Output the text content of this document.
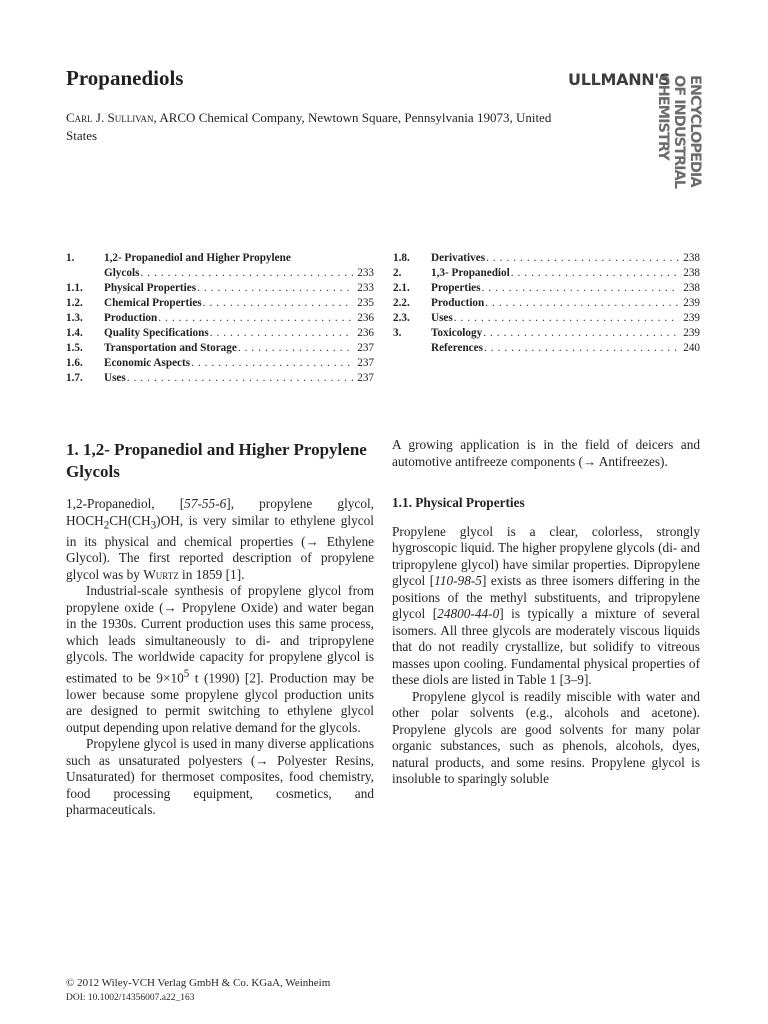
Propanediols
Carl J. Sullivan, ARCO Chemical Company, Newtown Square, Pennsylvania 19073, United States
ULLMANN'S ENCYCLOPEDIA
OF INDUSTRIAL
CHEMISTRY
1.	1,2- Propanediol and Higher Propylene
Glycols . . .	233
1.1.	Physical Properties . . .	233
1.2.	Chemical Properties . . .	235
1.3.	Production . . .	236
1.4.	Quality Specifications . . .	236
1.5.	Transportation and Storage . . .	237
1.6.	Economic Aspects . . .	237
1.7.	Uses . . .	237
1.8.	Derivatives . . .	238
2.	1,3- Propanediol . . .	238
2.1.	Properties . . .	238
2.2.	Production . . .	239
2.3.	Uses . . .	239
3.	Toxicology . . .	239
References . . .	240
1. 1,2- Propanediol and Higher Propylene Glycols

1,2-Propanediol, [57-55-6], propylene glycol, $HOCH_2CH(CH_3)OH$, is very similar to ethylene glycol in its physical and chemical properties (→ Ethylene Glycol). The first reported description of propylene glycol was by Wurtz in 1859 [1].

Industrial-scale synthesis of propylene glycol from propylene oxide (→ Propylene Oxide) and water began in the 1930s. Current production uses this same process, which leads simultaneously to di- and tripropylene glycols. The worldwide capacity for propylene glycol is estimated to be $9\times 10^5$ t (1990) [2]. Production may be lower because some propylene glycol production units are designed to permit switching to ethylene glycol output depending upon relative demand for the glycols.

Propylene glycol is used in many diverse applications such as unsaturated polyesters (→ Polyester Resins, Unsaturated) for thermoset composites, food chemistry, food processing equipment, cosmetics, and pharmaceuticals.

A growing application is in the field of deicers and automotive antifreeze components (→ Antifreezes).

1.1. Physical Properties

Propylene glycol is a clear, colorless, strongly hygroscopic liquid. The higher propylene glycols (di- and tripropylene glycol) have similar properties. Dipropylene glycol [110-98-5] exists as three isomers differing in the positions of the methyl substituents, and tripropylene glycol [24800-44-0] is typically a mixture of several isomers. All three glycols are moderately viscous liquids that do not readily crystallize, but solidify to vitreous masses upon cooling. Fundamental physical properties of these diols are listed in Table 1 [3–9].

Propylene glycol is readily miscible with water and other polar solvents (e.g., alcohols and acetone). Propylene glycols are good solvents for many polar organic substances, such as phenols, alcohols, dyes, natural products, and some resins. Propylene glycol is insoluble to sparingly soluble

© 2012 Wiley-VCH Verlag GmbH & Co. KGaA, Weinheim
DOI: 10.1002/14356007.a22_163
